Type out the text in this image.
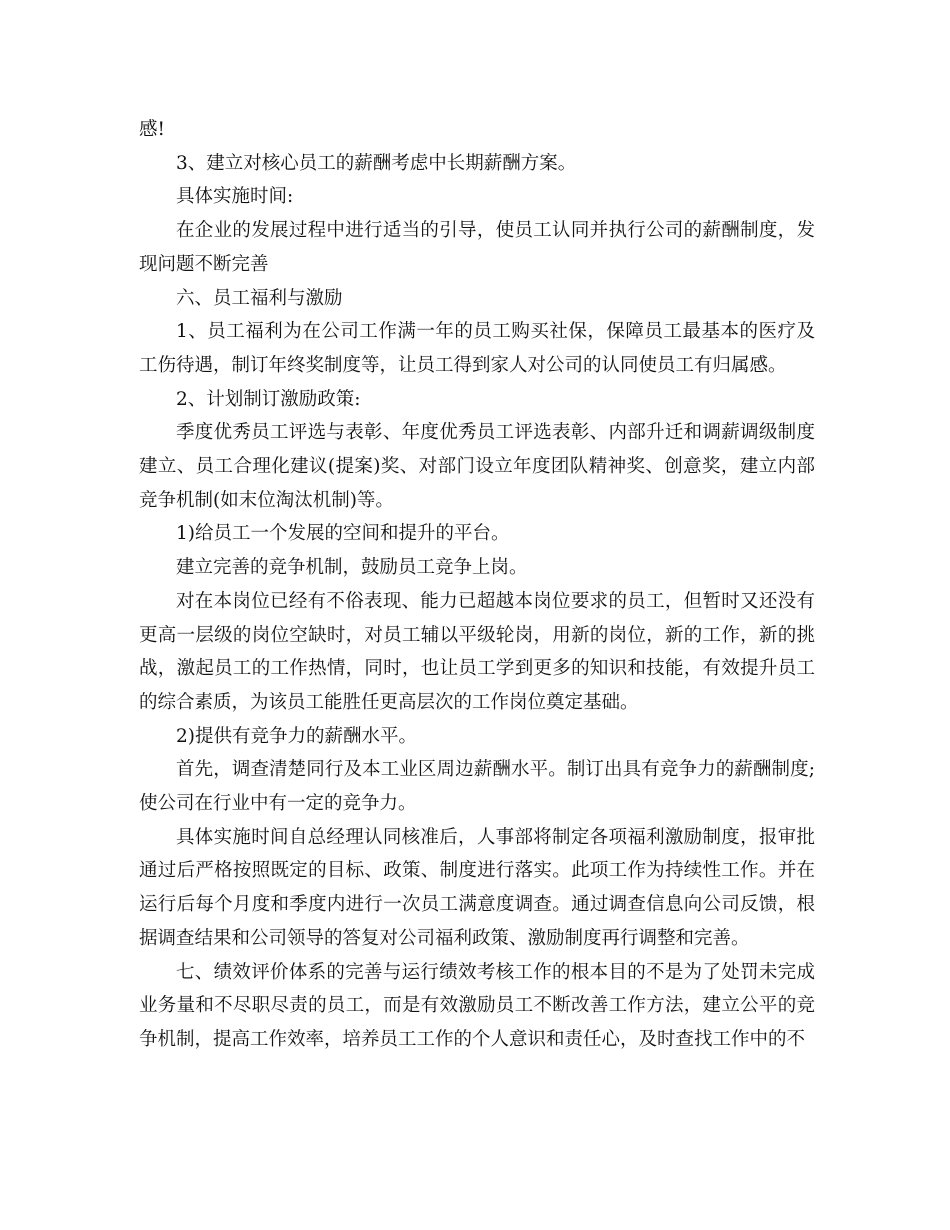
感!

3、建立对核心员工的薪酬考虑中长期薪酬方案。

具体实施时间:

在企业的发展过程中进行适当的引导，使员工认同并执行公司的薪酬制度，发现问题不断完善

六、员工福利与激励

1、员工福利为在公司工作满一年的员工购买社保，保障员工最基本的医疗及工伤待遇，制订年终奖制度等，让员工得到家人对公司的认同使员工有归属感。

2、计划制订激励政策:

季度优秀员工评选与表彰、年度优秀员工评选表彰、内部升迁和调薪调级制度建立、员工合理化建议(提案)奖、对部门设立年度团队精神奖、创意奖，建立内部竞争机制(如末位淘汰机制)等。

1)给员工一个发展的空间和提升的平台。

建立完善的竞争机制，鼓励员工竞争上岗。

对在本岗位已经有不俗表现、能力已超越本岗位要求的员工，但暂时又还没有更高一层级的岗位空缺时，对员工辅以平级轮岗，用新的岗位，新的工作，新的挑战，激起员工的工作热情，同时，也让员工学到更多的知识和技能，有效提升员工的综合素质，为该员工能胜任更高层次的工作岗位奠定基础。

2)提供有竞争力的薪酬水平。

首先，调查清楚同行及本工业区周边薪酬水平。制订出具有竞争力的薪酬制度;使公司在行业中有一定的竞争力。

具体实施时间自总经理认同核准后，人事部将制定各项福利激励制度，报审批通过后严格按照既定的目标、政策、制度进行落实。此项工作为持续性工作。并在运行后每个月度和季度内进行一次员工满意度调查。通过调查信息向公司反馈，根据调查结果和公司领导的答复对公司福利政策、激励制度再行调整和完善。

七、绩效评价体系的完善与运行绩效考核工作的根本目的不是为了处罚未完成业务量和不尽职尽责的员工，而是有效激励员工不断改善工作方法，建立公平的竞争机制，提高工作效率，培养员工工作的个人意识和责任心，及时查找工作中的不
